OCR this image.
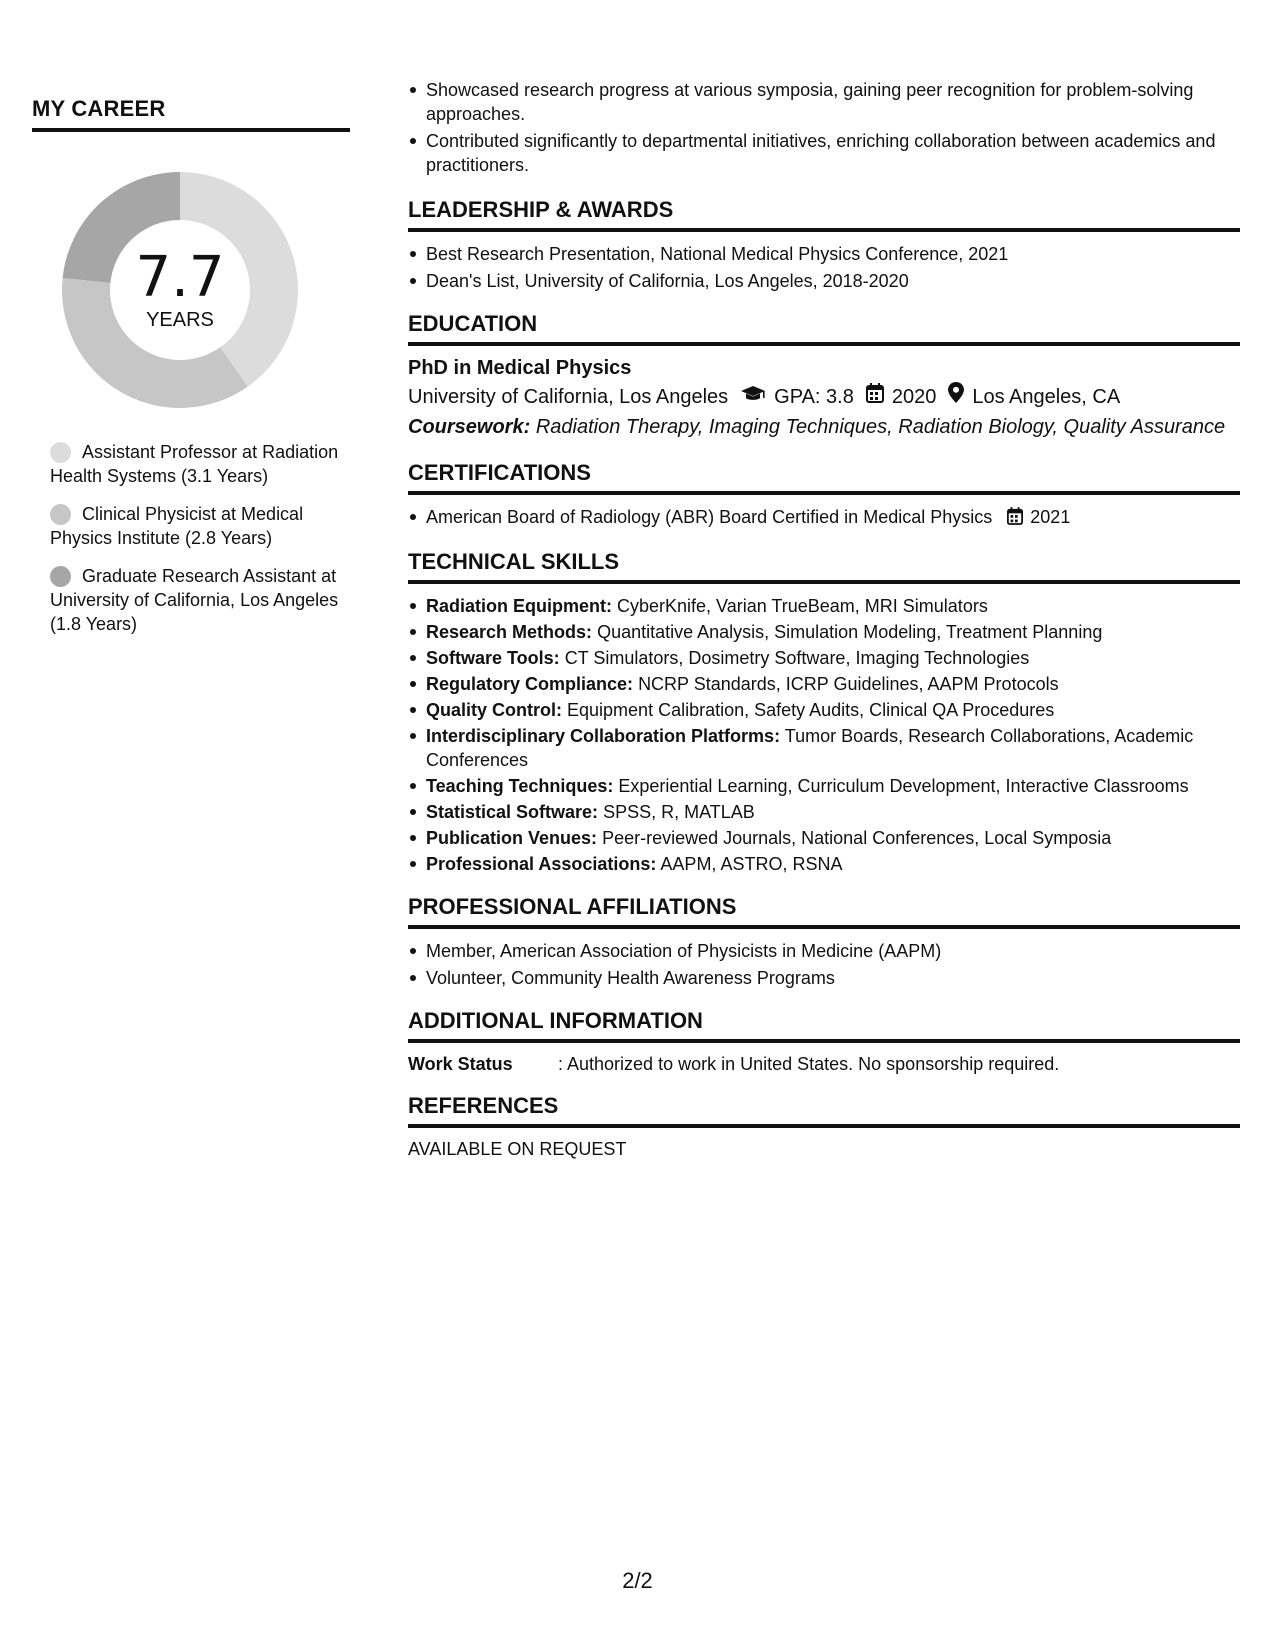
MY CAREER
7.7
YEARS
Assistant Professor at Radiation Health Systems (3.1 Years)
Clinical Physicist at Medical Physics Institute (2.8 Years)
Graduate Research Assistant at University of California, Los Angeles (1.8 Years)
Showcased research progress at various symposia, gaining peer recognition for problem-solving approaches.
Contributed significantly to departmental initiatives, enriching collaboration between academics and practitioners.
LEADERSHIP & AWARDS
Best Research Presentation, National Medical Physics Conference, 2021
Dean's List, University of California, Los Angeles, 2018-2020
EDUCATION
PhD in Medical Physics
University of California, Los Angeles GPA: 3.8 2020 Los Angeles, CA
Coursework: Radiation Therapy, Imaging Techniques, Radiation Biology, Quality Assurance
CERTIFICATIONS
American Board of Radiology (ABR) Board Certified in Medical Physics 2021
TECHNICAL SKILLS
Radiation Equipment: CyberKnife, Varian TrueBeam, MRI Simulators
Research Methods: Quantitative Analysis, Simulation Modeling, Treatment Planning
Software Tools: CT Simulators, Dosimetry Software, Imaging Technologies
Regulatory Compliance: NCRP Standards, ICRP Guidelines, AAPM Protocols
Quality Control: Equipment Calibration, Safety Audits, Clinical QA Procedures
Interdisciplinary Collaboration Platforms: Tumor Boards, Research Collaborations, Academic Conferences
Teaching Techniques: Experiential Learning, Curriculum Development, Interactive Classrooms
Statistical Software: SPSS, R, MATLAB
Publication Venues: Peer-reviewed Journals, National Conferences, Local Symposia
Professional Associations: AAPM, ASTRO, RSNA
PROFESSIONAL AFFILIATIONS
Member, American Association of Physicists in Medicine (AAPM)
Volunteer, Community Health Awareness Programs
ADDITIONAL INFORMATION
Work Status	: Authorized to work in United States. No sponsorship required.
REFERENCES
AVAILABLE ON REQUEST
2/2
